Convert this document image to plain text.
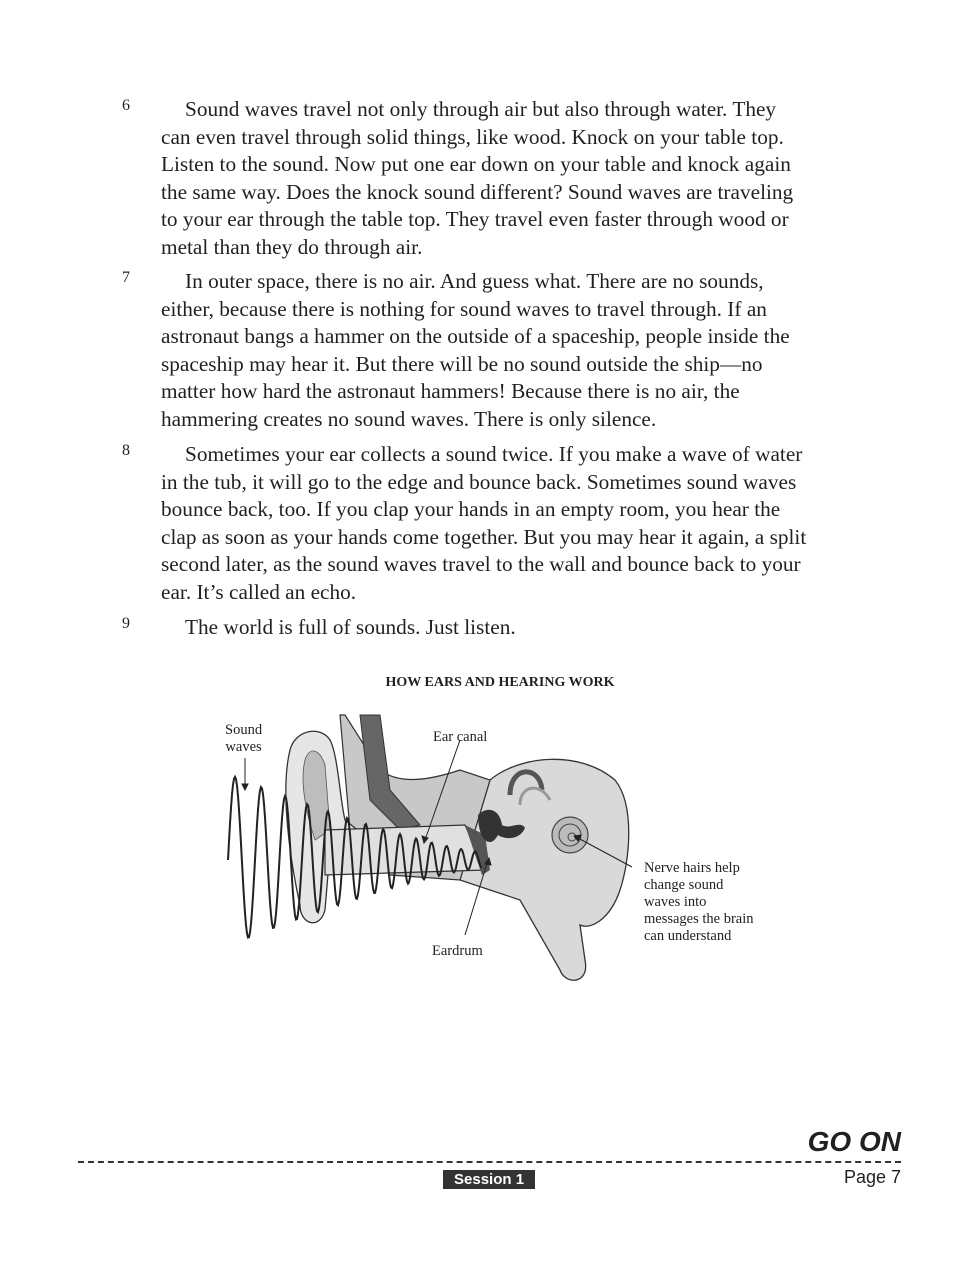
6	Sound waves travel not only through air but also through water. They
can even travel through solid things, like wood. Knock on your table top.
Listen to the sound. Now put one ear down on your table and knock again
the same way. Does the knock sound different? Sound waves are traveling
to your ear through the table top. They travel even faster through wood or
metal than they do through air.
7	In outer space, there is no air. And guess what. There are no sounds,
either, because there is nothing for sound waves to travel through. If an
astronaut bangs a hammer on the outside of a spaceship, people inside the
spaceship may hear it. But there will be no sound outside the ship—no
matter how hard the astronaut hammers! Because there is no air, the
hammering creates no sound waves. There is only silence.
8	Sometimes your ear collects a sound twice. If you make a wave of water
in the tub, it will go to the edge and bounce back. Sometimes sound waves
bounce back, too. If you clap your hands in an empty room, you hear the
clap as soon as your hands come together. But you may hear it again, a split
second later, as the sound waves travel to the wall and bounce back to your
ear. It’s called an echo.
9	The world is full of sounds. Just listen.
HOW EARS AND HEARING WORK
Sound
waves
Ear canal
Eardrum
Nerve hairs help
change sound
waves into
messages the brain
can understand
GO ON
Session 1	Page 7
